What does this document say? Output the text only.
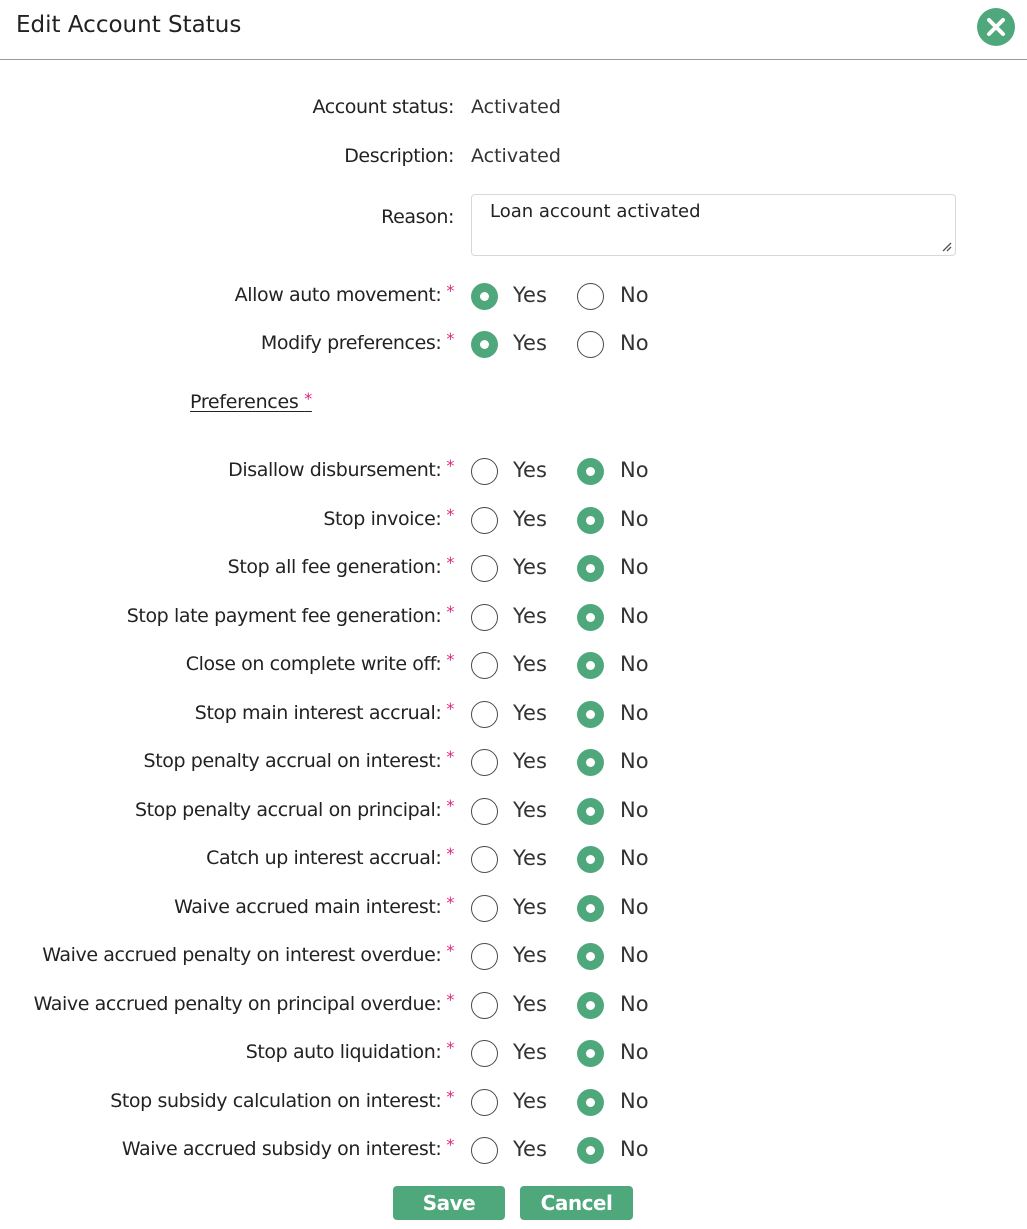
Edit Account Status
Account status: Activated
Description: Activated
Reason:	Loan account activated
Allow auto movement: *	Yes	No
Modify preferences: *	Yes	No
Preferences *
Disallow disbursement: *	Yes	No
Stop invoice: *	Yes	No
Stop all fee generation: *	Yes	No
Stop late payment fee generation: *	Yes	No
Close on complete write off: *	Yes	No
Stop main interest accrual: *	Yes	No
Stop penalty accrual on interest: *	Yes	No
Stop penalty accrual on principal: *	Yes	No
Catch up interest accrual: *	Yes	No
Waive accrued main interest: *	Yes	No
Waive accrued penalty on interest overdue: *	Yes	No
Waive accrued penalty on principal overdue: *	Yes	No
Stop auto liquidation: *	Yes	No
Stop subsidy calculation on interest: *	Yes	No
Waive accrued subsidy on interest: *	Yes	No
Save	Cancel
